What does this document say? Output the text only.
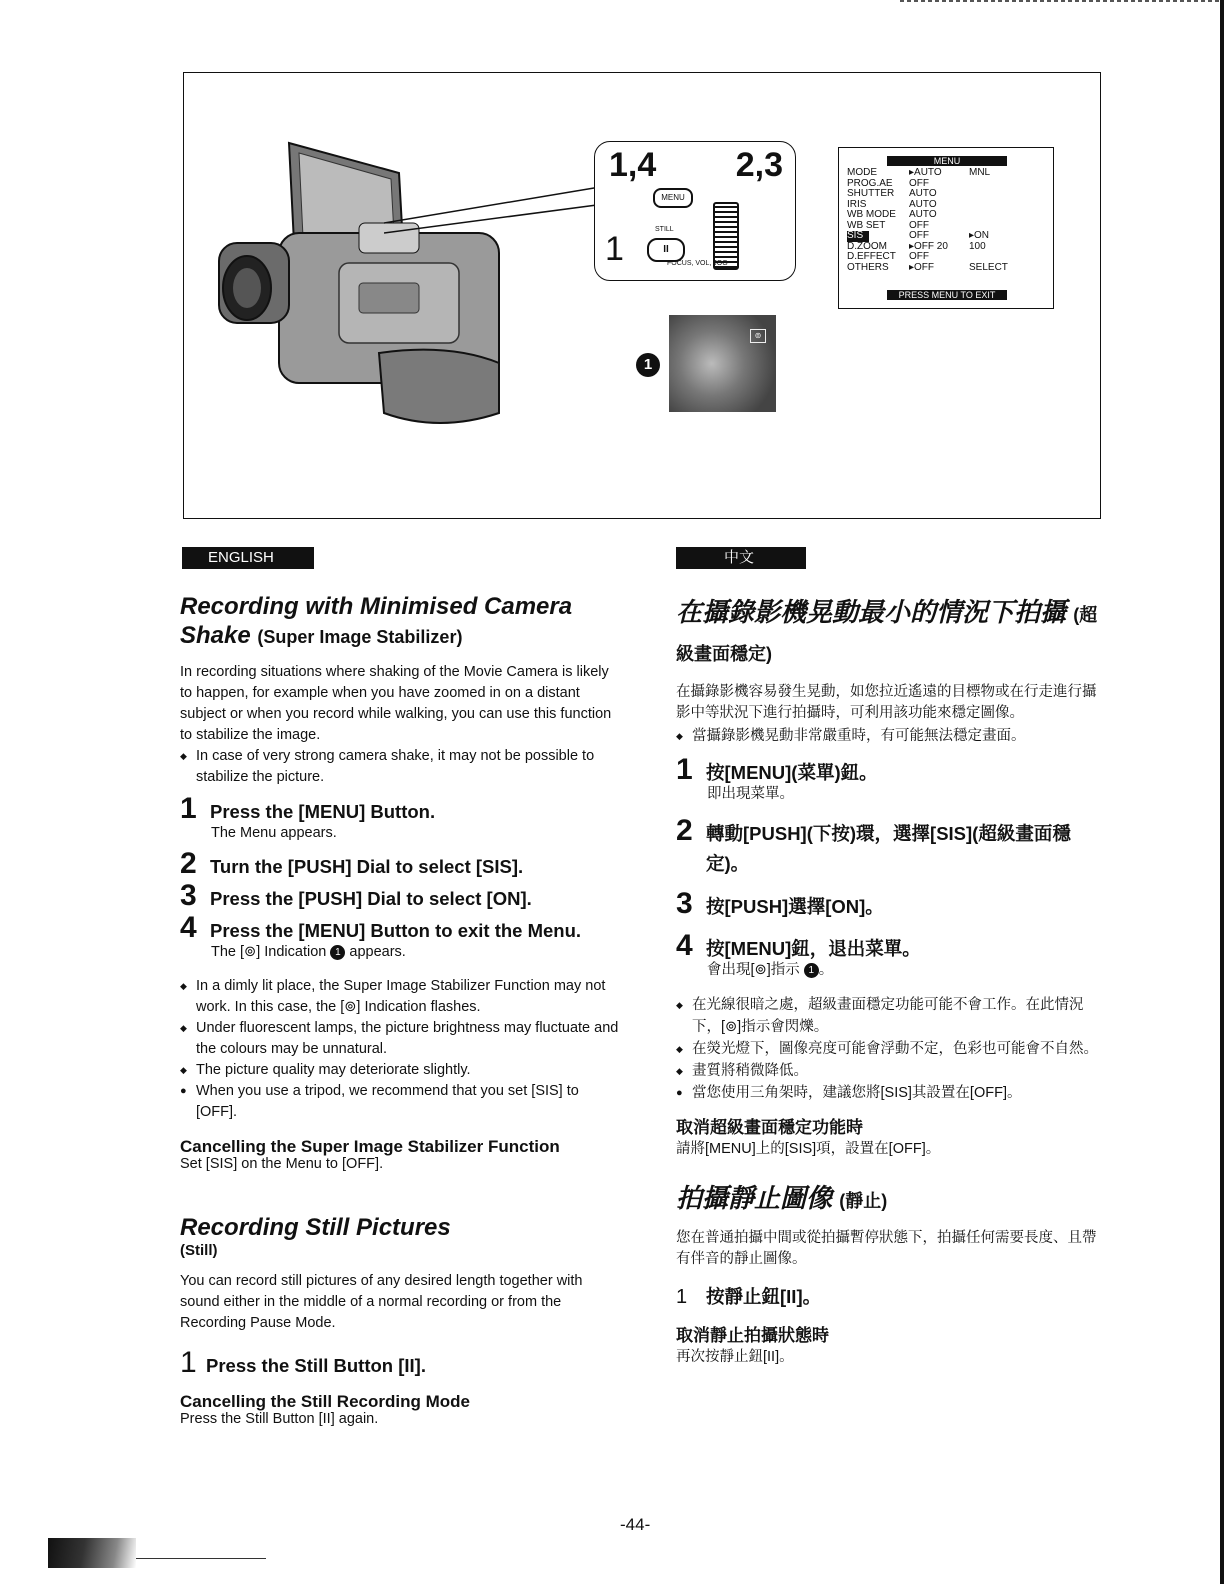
1,4 2,3
1
MENU
STILL
II
FOCUS, VOL, JOG
1
⊚
MENU
MODE	▸AUTO	MNL
PROG.AE	OFF
SHUTTER	AUTO
IRIS	AUTO
WB MODE	AUTO
WB SET	OFF
SIS	OFF	▸ON
D.ZOOM	▸OFF 20	100
D.EFFECT	OFF
OTHERS	▸OFF	SELECT
PRESS MENU TO EXIT
ENGLISH	中文
Recording with Minimised Camera Shake (Super Image Stabilizer)

In recording situations where shaking of the Movie Camera is likely to happen, for example when you have zoomed in on a distant subject or when you record while walking, you can use this function to stabilize the image.

◆ In case of very strong camera shake, it may not be possible to stabilize the picture.
1 Press the [MENU] Button.
The Menu appears.
2 Turn the [PUSH] Dial to select [SIS].
3 Press the [PUSH] Dial to select [ON].
4 Press the [MENU] Button to exit the Menu.
The [⊚] Indication 1 appears.
◆ In a dimly lit place, the Super Image Stabilizer Function may not work. In this case, the [⊚] Indication flashes.
◆ Under fluorescent lamps, the picture brightness may fluctuate and the colours may be unnatural.
◆ The picture quality may deteriorate slightly.
● When you use a tripod, we recommend that you set [SIS] to [OFF].

Cancelling the Super Image Stabilizer Function

Set [SIS] on the Menu to [OFF].

Recording Still Pictures

(Still)

You can record still pictures of any desired length together with sound either in the middle of a normal recording or from the Recording Pause Mode.

1 Press the Still Button [II].

Cancelling the Still Recording Mode

Press the Still Button [II] again.

在攝錄影機晃動最小的情況下拍攝 (超級畫面穩定)

在攝錄影機容易發生晃動，如您拉近遙遠的目標物或在行走進行攝影中等狀況下進行拍攝時，可利用該功能來穩定圖像。

◆ 當攝錄影機晃動非常嚴重時，有可能無法穩定畫面。
1 按[MENU](菜單)鈕。
即出現菜單。
2 轉動[PUSH](下按)環，選擇[SIS](超級畫面穩定)。
3 按[PUSH]選擇[ON]。
4 按[MENU]鈕，退出菜單。
會出現[⊚]指示 1 。
◆ 在光線很暗之處，超級畫面穩定功能可能不會工作。在此情況下，[⊚]指示會閃爍。
◆ 在熒光燈下，圖像亮度可能會浮動不定，色彩也可能會不自然。
◆ 畫質將稍微降低。
● 當您使用三角架時，建議您將[SIS]其設置在[OFF]。

取消超級畫面穩定功能時

請將[MENU]上的[SIS]項，設置在[OFF]。

拍攝靜止圖像 (靜止)

您在普通拍攝中間或從拍攝暫停狀態下，拍攝任何需要長度、且帶有伴音的靜止圖像。

1	按靜止鈕[II]。

取消靜止拍攝狀態時

再次按靜止鈕[II]。

-44-
